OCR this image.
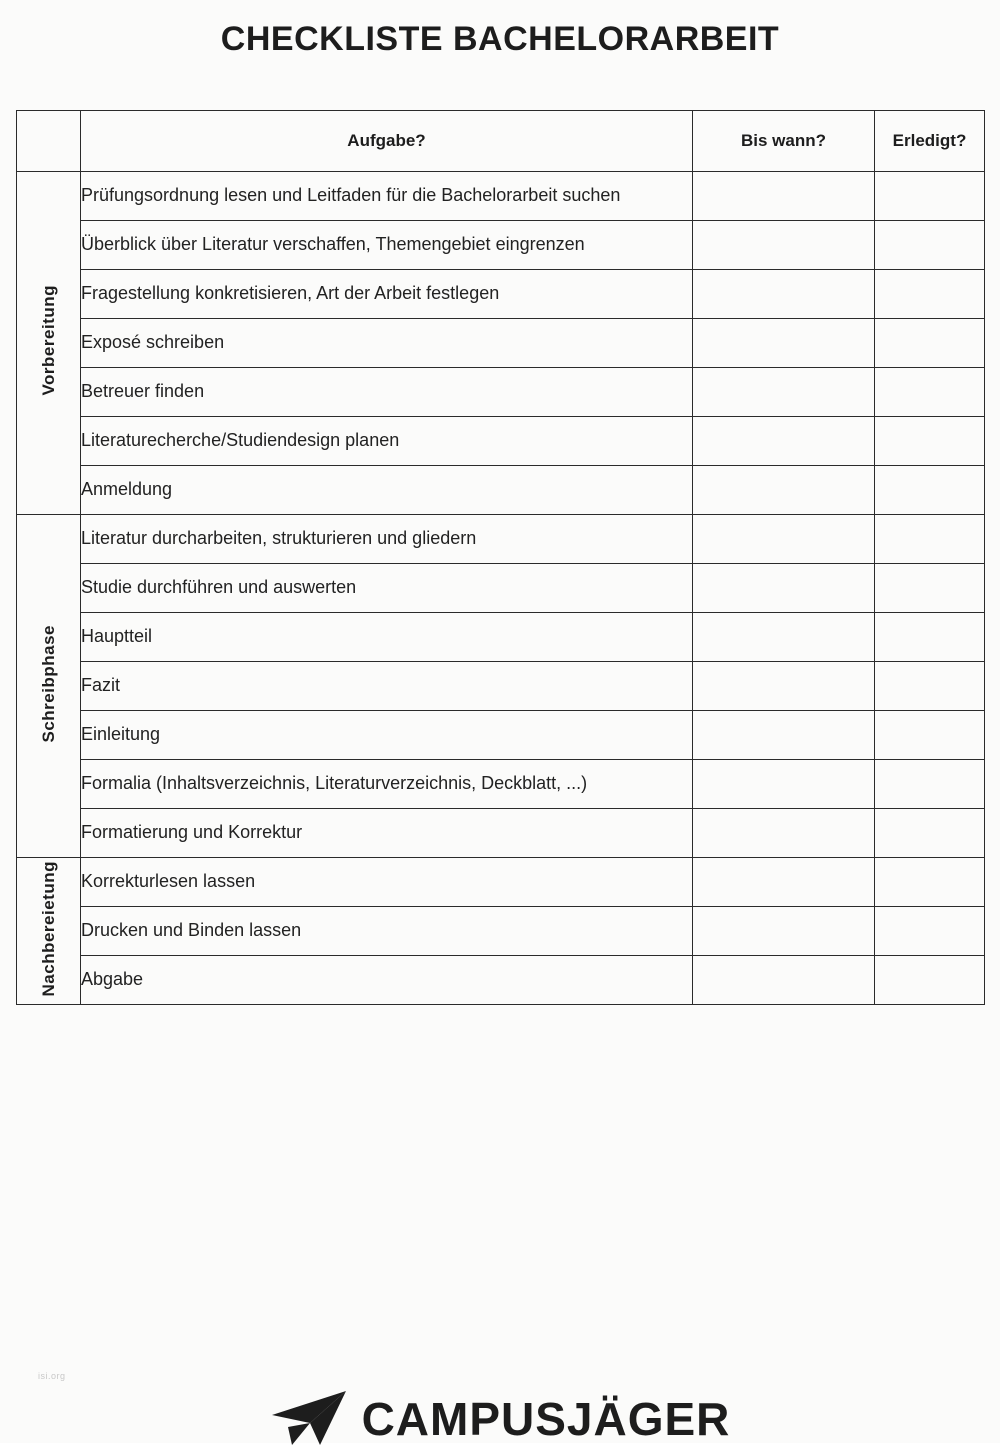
CHECKLISTE BACHELORARBEIT
	Aufgabe?	Bis wann?	Erledigt?
Vorbereitung	Prüfungsordnung lesen und Leitfaden für die Bachelorarbeit suchen		
	Überblick über Literatur verschaffen, Themengebiet eingrenzen		
	Fragestellung konkretisieren, Art der Arbeit festlegen		
	Exposé schreiben		
	Betreuer finden		
	Literaturecherche/Studiendesign planen		
	Anmeldung		
Schreibphase	Literatur durcharbeiten, strukturieren und gliedern		
	Studie durchführen und auswerten		
	Hauptteil		
	Fazit		
	Einleitung		
	Formalia (Inhaltsverzeichnis, Literaturverzeichnis, Deckblatt, ...)		
	Formatierung und Korrektur		
Nachbereietung	Korrekturlesen lassen		
	Drucken und Binden lassen		
	Abgabe		
isi.org
CAMPUSJÄGER
